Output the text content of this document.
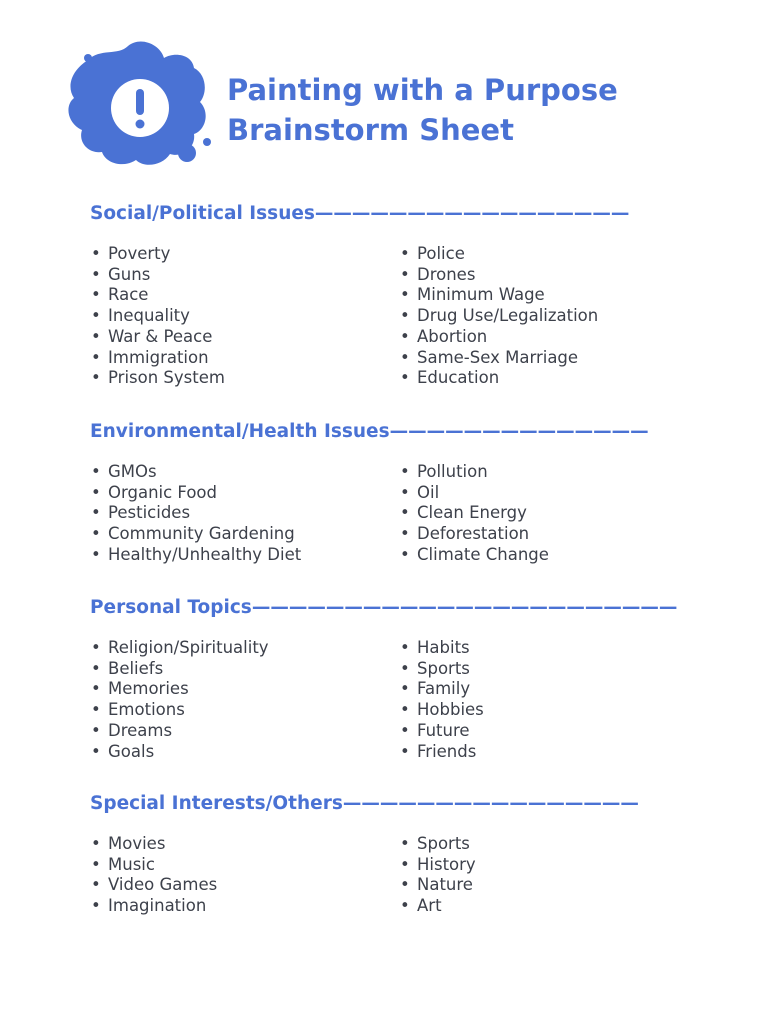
Painting with a Purpose
Brainstorm Sheet
Social/Political Issues—————————————————
• Poverty
• Guns
• Race
• Inequality
• War & Peace
• Immigration
• Prison System
• Police
• Drones
• Minimum Wage
• Drug Use/Legalization
• Abortion
• Same-Sex Marriage
• Education
Environmental/Health Issues——————————————
• GMOs
• Organic Food
• Pesticides
• Community Gardening
• Healthy/Unhealthy Diet
• Pollution
• Oil
• Clean Energy
• Deforestation
• Climate Change
Personal Topics———————————————————————
• Religion/Spirituality
• Beliefs
• Memories
• Emotions
• Dreams
• Goals
• Habits
• Sports
• Family
• Hobbies
• Future
• Friends
Special Interests/Others————————————————
• Movies
• Music
• Video Games
• Imagination
• Sports
• History
• Nature
• Art
